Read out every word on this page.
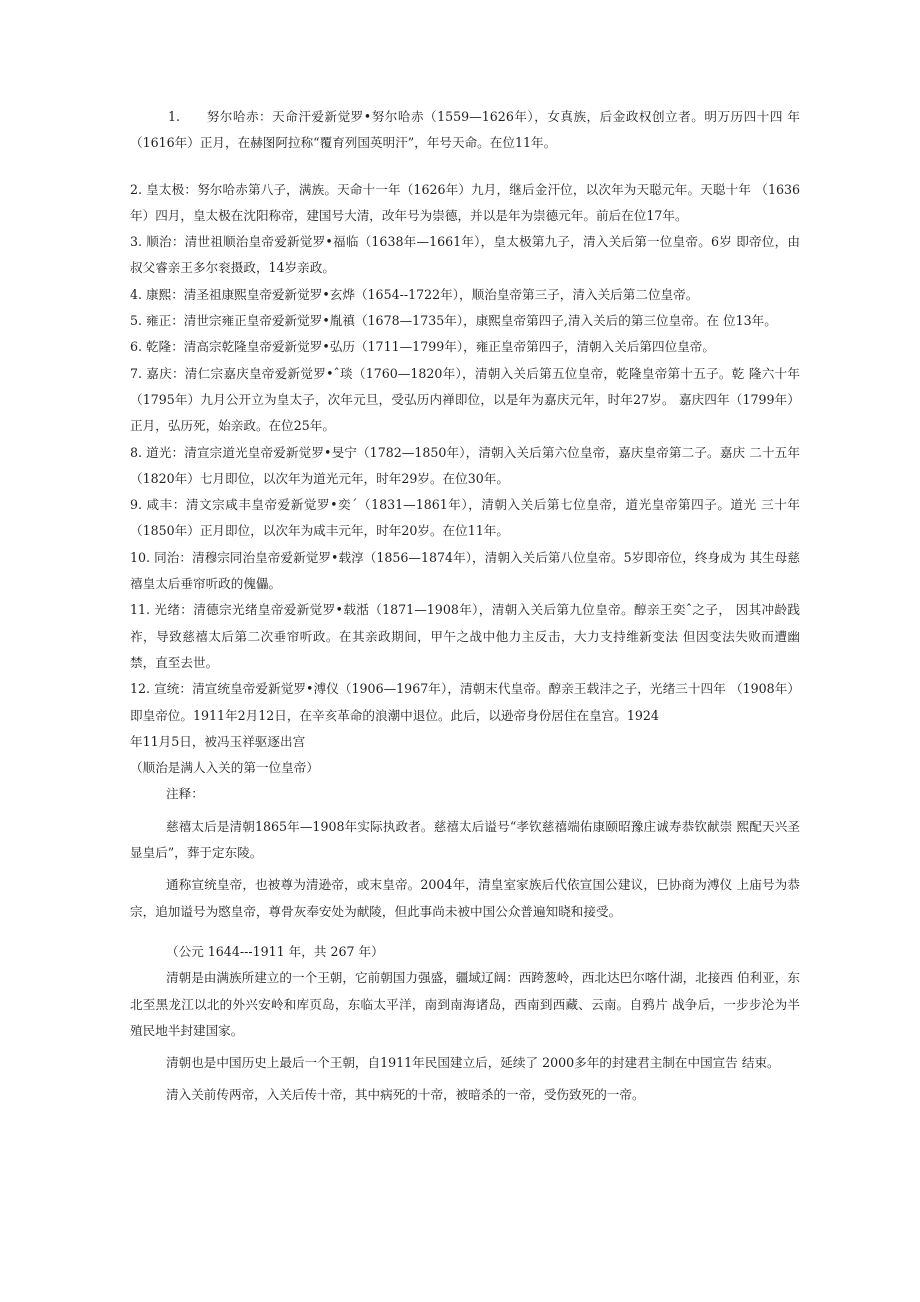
1.　　努尔哈赤：天命汗爱新觉罗•努尔哈赤（1559—1626年），女真族，后金政权创立者。明万历四十四 年（1616年）正月，在赫图阿拉称“覆育列国英明汗”，年号天命。在位11年。

2. 皇太极：努尔哈赤第八子，满族。天命十一年（1626年）九月，继后金汗位，以次年为天聪元年。天聪十年 （1636年）四月，皇太极在沈阳称帝，建国号大清，改年号为崇德，并以是年为崇德元年。前后在位17年。

3. 顺治：清世祖顺治皇帝爱新觉罗•福临（1638年—1661年），皇太极第九子，清入关后第一位皇帝。6岁 即帝位，由叔父睿亲王多尔衮摄政，14岁亲政。

4. 康熙：清圣祖康熙皇帝爱新觉罗•玄烨（1654--1722年），顺治皇帝第三子，清入关后第二位皇帝。

5. 雍正：清世宗雍正皇帝爱新觉罗•胤禛（1678—1735年），康熙皇帝第四子,清入关后的第三位皇帝。在 位13年。

6. 乾隆：清高宗乾隆皇帝爱新觉罗•弘历（1711—1799年），雍正皇帝第四子，清朝入关后第四位皇帝。

7. 嘉庆：清仁宗嘉庆皇帝爱新觉罗•ˆ琰（1760—1820年），清朝入关后第五位皇帝，乾隆皇帝第十五子。乾 隆六十年（1795年）九月公开立为皇太子，次年元旦，受弘历内禅即位，以是年为嘉庆元年，时年27岁。 嘉庆四年（1799年）正月，弘历死，始亲政。在位25年。

8. 道光：清宣宗道光皇帝爱新觉罗•旻宁（1782—1850年），清朝入关后第六位皇帝，嘉庆皇帝第二子。嘉庆 二十五年（1820年）七月即位，以次年为道光元年，时年29岁。在位30年。

9. 咸丰：清文宗咸丰皇帝爱新觉罗•奕ˊ（1831—1861年），清朝入关后第七位皇帝，道光皇帝第四子。道光 三十年（1850年）正月即位，以次年为咸丰元年，时年20岁。在位11年。

10. 同治：清穆宗同治皇帝爱新觉罗•载淳（1856—1874年），清朝入关后第八位皇帝。5岁即帝位，终身成为 其生母慈禧皇太后垂帘听政的傀儡。

11. 光绪：清德宗光绪皇帝爱新觉罗•载湉（1871—1908年），清朝入关后第九位皇帝。醇亲王奕ˆ之子， 因其冲龄践祚，导致慈禧太后第二次垂帘听政。在其亲政期间，甲午之战中他力主反击，大力支持维新变法 但因变法失败而遭幽禁，直至去世。

12. 宣统：清宣统皇帝爱新觉罗•溥仪（1906—1967年），清朝末代皇帝。醇亲王载沣之子，光绪三十四年 （1908年）即皇帝位。1911年2月12日，在辛亥革命的浪潮中退位。此后，以逊帝身份居住在皇宫。1924

年11月5日，被冯玉祥驱逐出宫

（顺治是满人入关的第一位皇帝）

注释：

慈禧太后是清朝1865年—1908年实际执政者。慈禧太后谥号“孝钦慈禧端佑康颐昭豫庄诚寿恭钦献崇 熙配天兴圣显皇后”，葬于定东陵。

通称宣统皇帝，也被尊为清逊帝，或末皇帝。2004年，清皇室家族后代依宣国公建议，巳协商为溥仪 上庙号为恭宗，追加谥号为愍皇帝，尊骨灰奉安处为献陵，但此事尚未被中国公众普遍知晓和接受。

（公元 1644---1911 年，共 267 年）

清朝是由满族所建立的一个王朝，它前朝国力强盛，疆域辽阔：西跨葱岭，西北达巴尔喀什湖，北接西 伯利亚，东北至黑龙江以北的外兴安岭和库页岛，东临太平洋，南到南海诸岛，西南到西藏、云南。自鸦片 战争后，一步步沦为半殖民地半封建国家。

清朝也是中国历史上最后一个王朝，自1911年民国建立后，延续了 2000多年的封建君主制在中国宣告 结束。

清入关前传两帝，入关后传十帝，其中病死的十帝，被暗杀的一帝，受伤致死的一帝。
